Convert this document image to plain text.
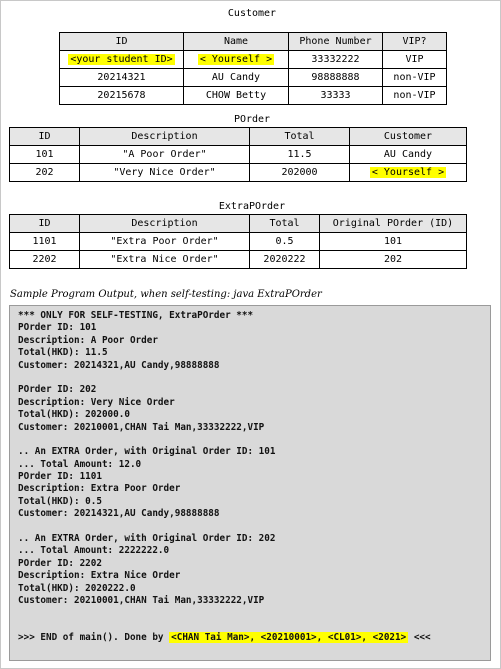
Customer
ID	Name	Phone Number	VIP?
<your student ID>	< Yourself >	33332222	VIP
20214321	AU Candy	98888888	non-VIP
20215678	CHOW Betty	33333	non-VIP
POrder
ID	Description	Total	Customer
101	"A Poor Order"	11.5	AU Candy
202	"Very Nice Order"	202000	< Yourself >
ExtraPOrder
ID	Description	Total	Original POrder (ID)
1101	"Extra Poor Order"	0.5	101
2202	"Extra Nice Order"	2020222	202
Sample Program Output, when self-testing: java ExtraPOrder
*** ONLY FOR SELF-TESTING, ExtraPOrder ***
POrder ID: 101
Description: A Poor Order
Total(HKD): 11.5
Customer: 20214321,AU Candy,98888888
POrder ID: 202
Description: Very Nice Order
Total(HKD): 202000.0
Customer: 20210001,CHAN Tai Man,33332222,VIP
.. An EXTRA Order, with Original Order ID: 101
... Total Amount: 12.0
POrder ID: 1101
Description: Extra Poor Order
Total(HKD): 0.5
Customer: 20214321,AU Candy,98888888
.. An EXTRA Order, with Original Order ID: 202
... Total Amount: 2222222.0
POrder ID: 2202
Description: Extra Nice Order
Total(HKD): 2020222.0
Customer: 20210001,CHAN Tai Man,33332222,VIP
>>> END of main(). Done by <CHAN Tai Man>, <20210001>, <CL01>, <2021> <<<
